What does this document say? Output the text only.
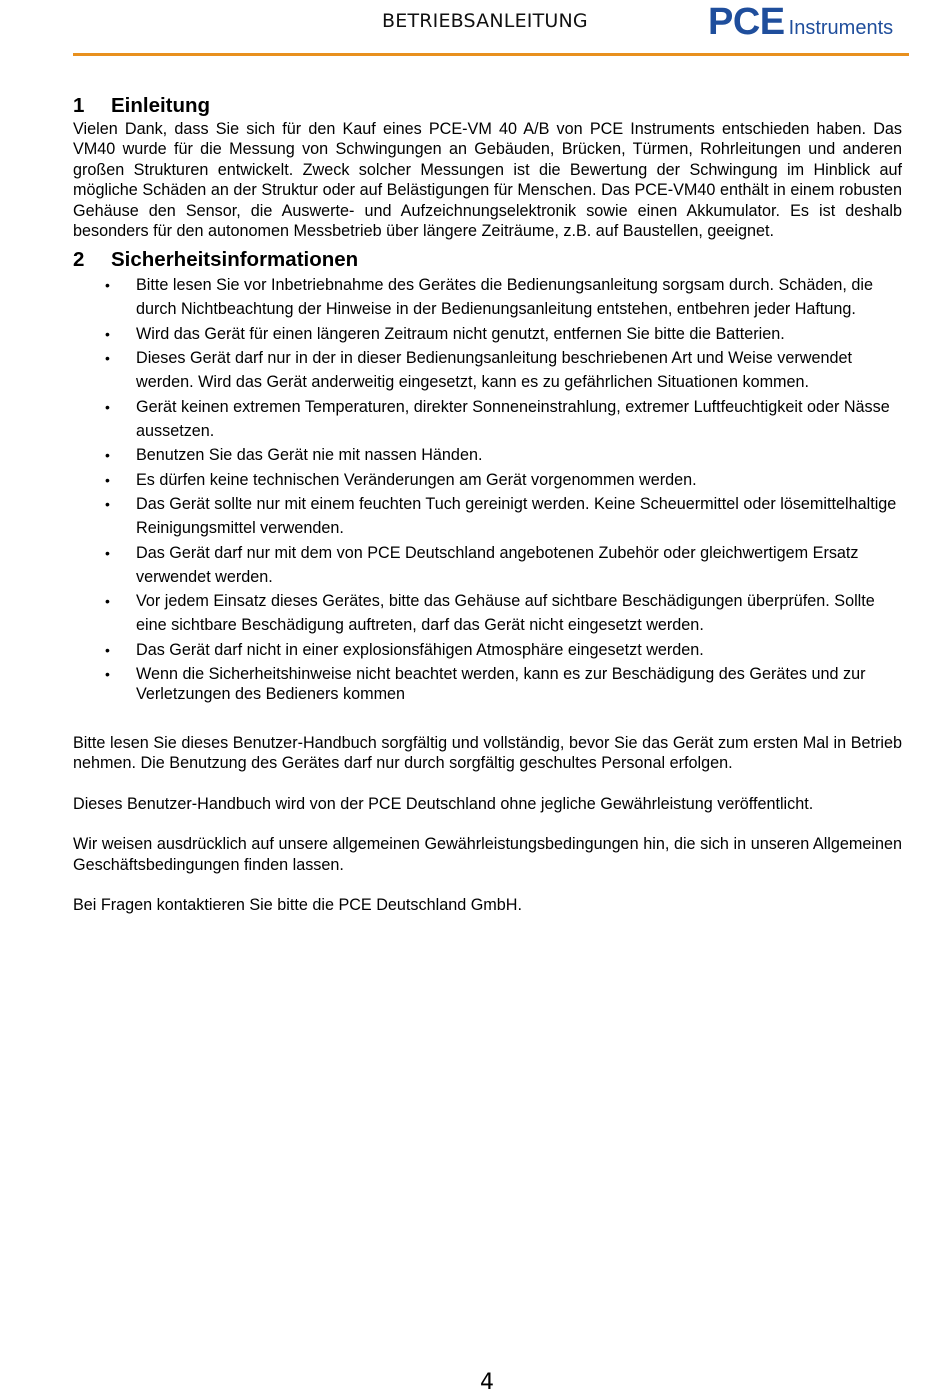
BETRIEBSANLEITUNG	PCE Instruments
1 Einleitung

Vielen Dank, dass Sie sich für den Kauf eines PCE-VM 40 A/B von PCE Instruments entschieden haben. Das VM40 wurde für die Messung von Schwingungen an Gebäuden, Brücken, Türmen, Rohrleitungen und anderen großen Strukturen entwickelt. Zweck solcher Messungen ist die Bewertung der Schwingung im Hinblick auf mögliche Schäden an der Struktur oder auf Belästigungen für Menschen. Das PCE-VM40 enthält in einem robusten Gehäuse den Sensor, die Auswerte- und Aufzeichnungselektronik sowie einen Akkumulator. Es ist deshalb besonders für den autonomen Messbetrieb über längere Zeiträume, z.B. auf Baustellen, geeignet.

2 Sicherheitsinformationen
• Bitte lesen Sie vor Inbetriebnahme des Gerätes die Bedienungsanleitung sorgsam durch. Schäden, die durch Nichtbeachtung der Hinweise in der Bedienungsanleitung entstehen, entbehren jeder Haftung.
• Wird das Gerät für einen längeren Zeitraum nicht genutzt, entfernen Sie bitte die Batterien.
• Dieses Gerät darf nur in der in dieser Bedienungsanleitung beschriebenen Art und Weise verwendet werden. Wird das Gerät anderweitig eingesetzt, kann es zu gefährlichen Situationen kommen.
• Gerät keinen extremen Temperaturen, direkter Sonneneinstrahlung, extremer Luftfeuchtigkeit oder Nässe aussetzen.
• Benutzen Sie das Gerät nie mit nassen Händen.
• Es dürfen keine technischen Veränderungen am Gerät vorgenommen werden.
• Das Gerät sollte nur mit einem feuchten Tuch gereinigt werden. Keine Scheuermittel oder lösemittelhaltige Reinigungsmittel verwenden.
• Das Gerät darf nur mit dem von PCE Deutschland angebotenen Zubehör oder gleichwertigem Ersatz verwendet werden.
• Vor jedem Einsatz dieses Gerätes, bitte das Gehäuse auf sichtbare Beschädigungen überprüfen. Sollte eine sichtbare Beschädigung auftreten, darf das Gerät nicht eingesetzt werden.
• Das Gerät darf nicht in einer explosionsfähigen Atmosphäre eingesetzt werden.
• Wenn die Sicherheitshinweise nicht beachtet werden, kann es zur Beschädigung des Gerätes und zur Verletzungen des Bedieners kommen

Bitte lesen Sie dieses Benutzer-Handbuch sorgfältig und vollständig, bevor Sie das Gerät zum ersten Mal in Betrieb nehmen. Die Benutzung des Gerätes darf nur durch sorgfältig geschultes Personal erfolgen.

Dieses Benutzer-Handbuch wird von der PCE Deutschland ohne jegliche Gewährleistung veröffentlicht.

Wir weisen ausdrücklich auf unsere allgemeinen Gewährleistungsbedingungen hin, die sich in unseren Allgemeinen Geschäftsbedingungen finden lassen.

Bei Fragen kontaktieren Sie bitte die PCE Deutschland GmbH.

4
